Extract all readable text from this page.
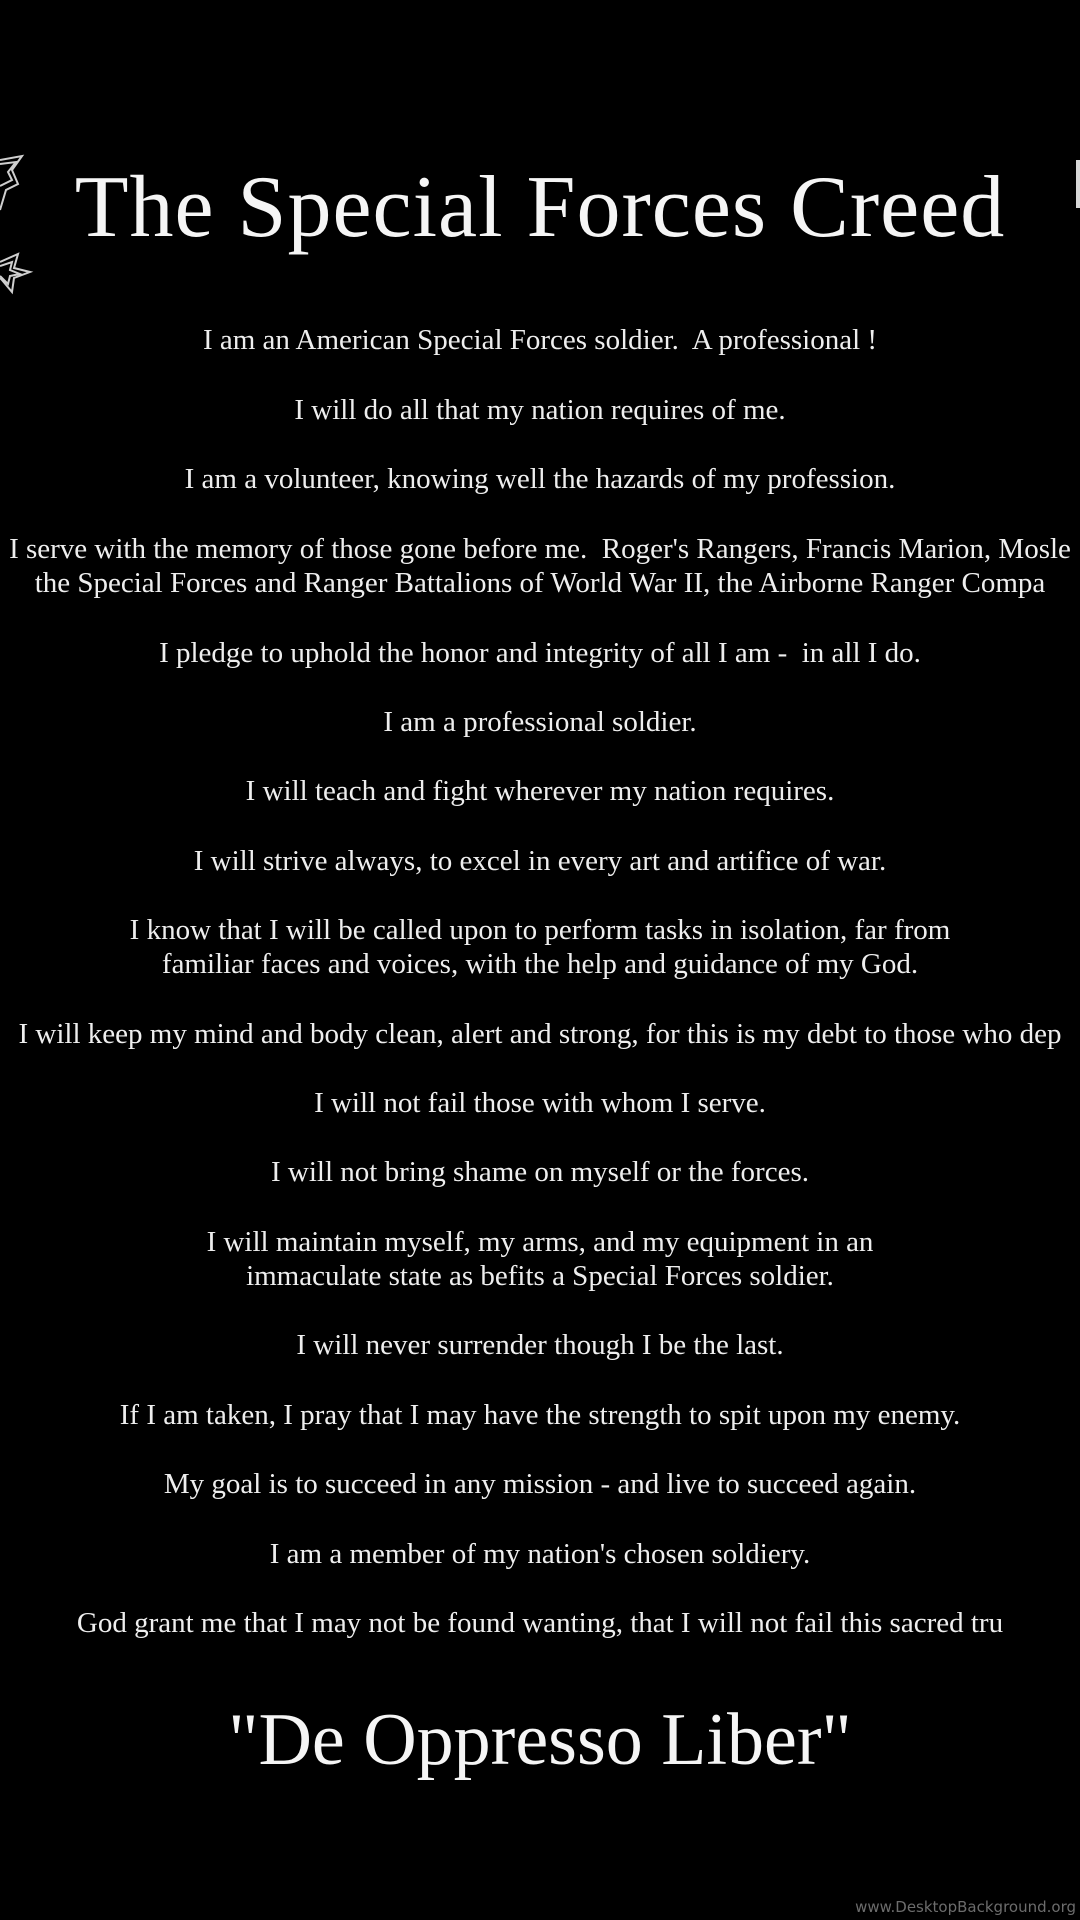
The Special Forces Creed
I am an American Special Forces soldier.  A professional !
I will do all that my nation requires of me.
I am a volunteer, knowing well the hazards of my profession.
I serve with the memory of those gone before me.  Roger's Rangers, Francis Marion, Mosle
the Special Forces and Ranger Battalions of World War II, the Airborne Ranger Compa
I pledge to uphold the honor and integrity of all I am -  in all I do.
I am a professional soldier.
I will teach and fight wherever my nation requires.
I will strive always, to excel in every art and artifice of war.
I know that I will be called upon to perform tasks in isolation, far from
familiar faces and voices, with the help and guidance of my God.
I will keep my mind and body clean, alert and strong, for this is my debt to those who dep
I will not fail those with whom I serve.
I will not bring shame on myself or the forces.
I will maintain myself, my arms, and my equipment in an
immaculate state as befits a Special Forces soldier.
I will never surrender though I be the last.
If I am taken, I pray that I may have the strength to spit upon my enemy.
My goal is to succeed in any mission - and live to succeed again.
I am a member of my nation's chosen soldiery.
God grant me that I may not be found wanting, that I will not fail this sacred tru
"De Oppresso Liber"
www.DesktopBackground.org
